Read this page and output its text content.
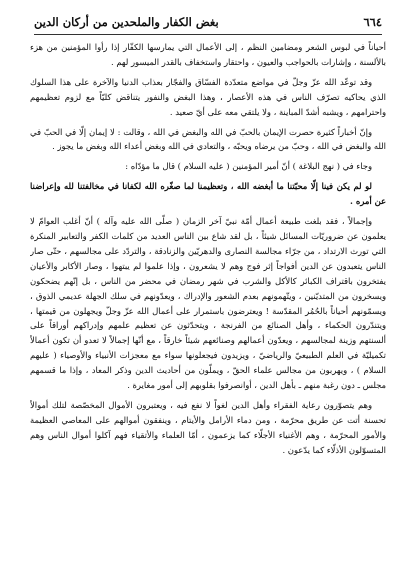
٦٦٤
بغض الكفار والملحدين من أركان الدين

أحياناً في لبوس الشعر ومضامين النظم ، إلى الأعمال التي يمارسها الكفّار إذا رأوا المؤمنين من هزء بالألسنة ، وإشارات بالحواجب والعيون ، واحتقار واستخفاف بالقدر الميسور لهم .

وقد توعّد الله عزّ وجلّ في مواضع متعدّدة الفسّاق والفجّار بعذاب الدنيا والآخرة على هذا السلوك الذي يحاكيه تصرّف الناس في هذه الأعصار ، وهذا البغض والنفور يتناقض كليّاً مع لزوم تعظيمهم واحترامهم ، ويشبه أشدّ المباينة ، ولا يلتقي معه على أيّ صعيد .

وإنّ أخباراً كثيرة حصرت الإيمان بالحبّ في الله والبغض في الله ، وقالت : لا إيمان إلّا في الحبّ في الله والبغض في الله ، وحبّ من يرضاه ويحبّه ، والتعادي في الله وبغض أعداء الله وبغض ما يجوز .

وجاء في ( نهج البلاغة ) أنّ أمير المؤمنين ( عليه السلام ) قال ما مؤدّاه :

لو لم يكن فينا إلّا محبّتنا ما أبغضه الله ، وتعظيمنا لما صغّره الله لكفانا في مخالفتنا لله وإعراضنا عن أمره .

وإجمالاً ، فقد بلغت طبيعة أعمال أمّة نبيّ آخر الزمان ( صلّى الله عليه وآله ) أنّ أغلب العوامّ لا يعلمون عن ضروريّات المسائل شيئاً ، بل لقد شاع بين الناس العديد من كلمات الكفر والتعابير المنكرة التي تورث الارتداد ، من جرّاء مجالسة النصارى والدهريّين والزنادقة ، والتردّد على مجالسهم ، حتّى صار الناس يتعبدون عن الدين أفواجاً إثر فوج وهم لا يشعرون ، وإذا علموا لم يبتهوا ، وصار الأكابر والأعيان يفتخرون باقتراف الكبائر كالأكل والشرب في شهر رمضان في محضر من الناس ، بل إنّهم يضحكون ويسخرون من المتديّنين ، ويتّهمونهم بعدم الشعور والإدراك ، ويعدّونهم في سلك الجهلة عديمي الذوق ، ويسمّونهم أحياناً بالحُمُر المقدّسة ! ويعترضون باستمرار على أعمال الله عزّ وجلّ ويجهلون من قيمتها ، ويتندّرون الحكماء ، وأهل الصنائع من الفرنجة ، ويتحدّثون عن تعظيم علمهم وإدراكهم أوراقاً على ألسنتهم وزينة لمجالسهم ، ويعدّون أعمالهم وصنائعهم شيئاً خارقاً ، مع أنّها إجمالاً لا تعدو أن تكون أعمالاً تكميليّة في العلم الطبيعيّ والرياضيّ ، ويزيدون فيجعلونها سواء مع معجزات الأنبياء والأوصياء ( عليهم السلام ) ، ويهربون من مجالس علماء الحقّ ، ويملّون من أحاديث الدين وذكر المعاد ، وإذا ما قسمهم مجلس ـ دون رغبة منهم ـ بأهل الدين ، أوانصرفوا بقلوبهم إلى أمور مغايرة .

وهم يتصوّرون رعاية الفقراء وأهل الدين لغواً لا نفع فيه ، ويعتبرون الأموال المخصّصة لتلك أموالاً تحسنة أتت عن طريق محرّمة ، ومن دماء الأرامل والأيتام ، وينفقون أموالهم على المعاصي العظيمة والأمور المحرّمة ، وهم الأغنياء الأجلّاء كما يزعمون ، أمّا العلماء والأتقياء فهم آكلوا أموال الناس وهم المتسوّلون الأذلّاء كما يدّعون .
